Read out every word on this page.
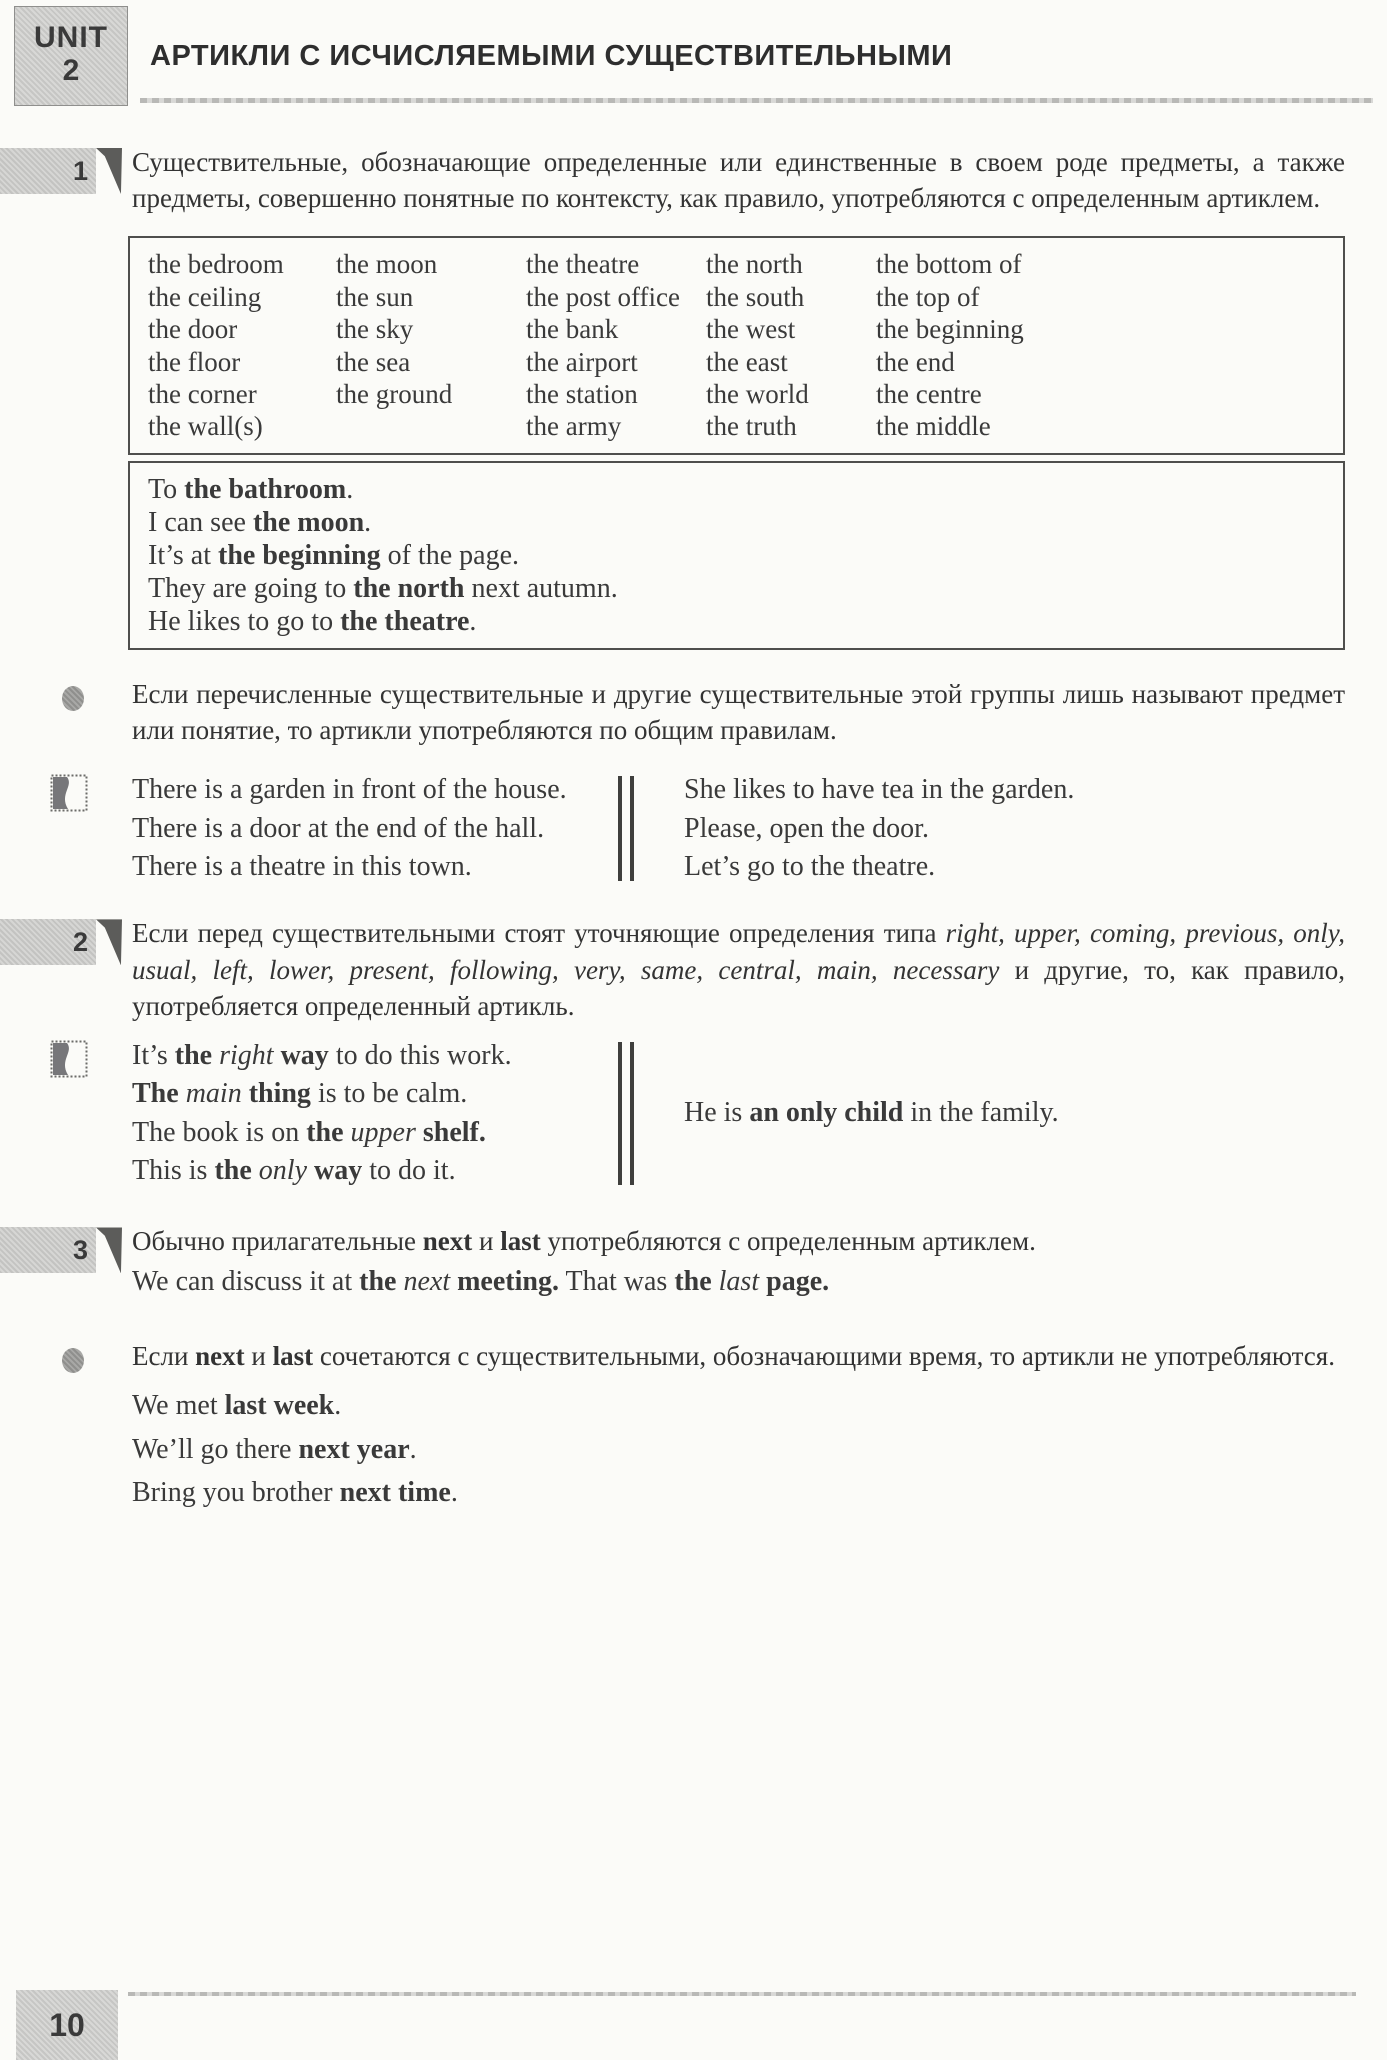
UNIT
2 АРТИКЛИ С ИСЧИСЛЯЕМЫМИ СУЩЕСТВИТЕЛЬНЫМИ
1 Существительные, обозначающие определенные или единственные в своем роде предметы, а также предметы, совершенно понятные по контексту, как правило, употребляются с определенным артиклем.
the bedroom
the ceiling
the door
the floor
the corner
the wall(s)
the moon
the sun
the sky
the sea
the ground
the theatre
the post office
the bank
the airport
the station
the army
the north
the south
the west
the east
the world
the truth
the bottom of
the top of
the beginning
the end
the centre
the middle
To the bathroom.
I can see the moon.
It’s at the beginning of the page.
They are going to the north next autumn.
He likes to go to the theatre.
Если перечисленные существительные и другие существительные этой группы лишь называют предмет или понятие, то артикли употребляются по общим правилам.
There is a garden in front of the house.
There is a door at the end of the hall.
There is a theatre in this town.
She likes to have tea in the garden.
Please, open the door.
Let’s go to the theatre.
2 Если перед существительными стоят уточняющие определения типа right, upper, coming, previous, only, usual, left, lower, present, following, very, same, central, main, necessary и другие, то, как правило, употребляется определенный артикль.
It’s the right way to do this work.
The main thing is to be calm.
The book is on the upper shelf.
This is the only way to do it.
He is an only child in the family.
3 Обычно прилагательные next и last употребляются с определенным артиклем.
We can discuss it at the next meeting. That was the last page.
Если next и last сочетаются с существительными, обозначающими время, то артикли не употребляются.
We met last week.
We’ll go there next year.
Bring you brother next time.
10
